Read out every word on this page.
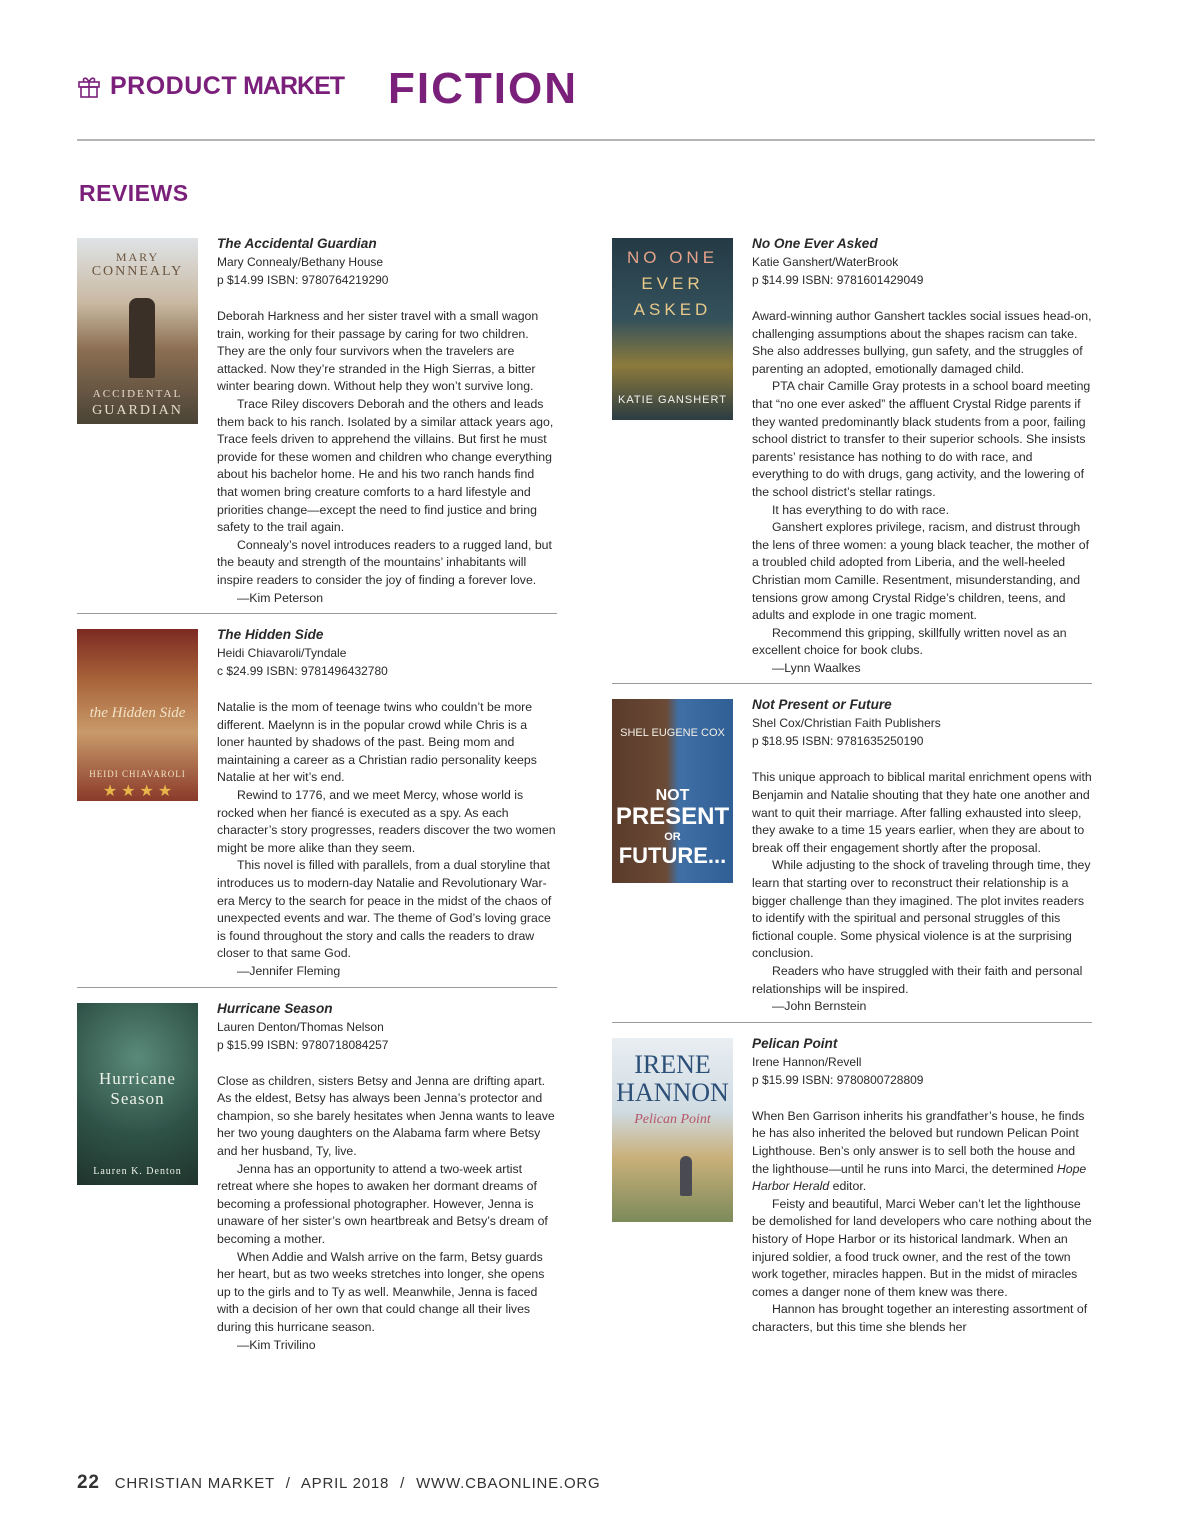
PRODUCT MARKET FICTION
REVIEWS
MARY
CONNEALY
ACCIDENTAL
GUARDIAN

The Accidental Guardian

Mary Connealy/Bethany House

p $14.99 ISBN: 9780764219290

Deborah Harkness and her sister travel with a small wagon train, working for their passage by caring for two children. They are the only four survivors when the travelers are attacked. Now they’re stranded in the High Sierras, a bitter winter bearing down. Without help they won’t survive long.

Trace Riley discovers Deborah and the others and leads them back to his ranch. Isolated by a similar attack years ago, Trace feels driven to apprehend the villains. But first he must provide for these women and children who change everything about his bachelor home. He and his two ranch hands find that women bring creature comforts to a hard lifestyle and priorities change—except the need to find justice and bring safety to the trail again.

Connealy’s novel introduces readers to a rugged land, but the beauty and strength of the mountains’ inhabitants will inspire readers to consider the joy of finding a forever love.

—Kim Peterson

the Hidden Side
HEIDI CHIAVAROLI
★ ★ ★ ★

The Hidden Side

Heidi Chiavaroli/Tyndale

c $24.99 ISBN: 9781496432780

Natalie is the mom of teenage twins who couldn’t be more different. Maelynn is in the popular crowd while Chris is a loner haunted by shadows of the past. Being mom and maintaining a career as a Christian radio personality keeps Natalie at her wit’s end.

Rewind to 1776, and we meet Mercy, whose world is rocked when her fiancé is executed as a spy. As each character’s story progresses, readers discover the two women might be more alike than they seem.

This novel is filled with parallels, from a dual storyline that introduces us to modern-day Natalie and Revolutionary War-era Mercy to the search for peace in the midst of the chaos of unexpected events and war. The theme of God’s loving grace is found throughout the story and calls the readers to draw closer to that same God.

—Jennifer Fleming

Hurricane
Season
Lauren K. Denton

Hurricane Season

Lauren Denton/Thomas Nelson

p $15.99 ISBN: 9780718084257

Close as children, sisters Betsy and Jenna are drifting apart. As the eldest, Betsy has always been Jenna’s protector and champion, so she barely hesitates when Jenna wants to leave her two young daughters on the Alabama farm where Betsy and her husband, Ty, live.

Jenna has an opportunity to attend a two-week artist retreat where she hopes to awaken her dormant dreams of becoming a professional photographer. However, Jenna is unaware of her sister’s own heartbreak and Betsy’s dream of becoming a mother.

When Addie and Walsh arrive on the farm, Betsy guards her heart, but as two weeks stretches into longer, she opens up to the girls and to Ty as well. Meanwhile, Jenna is faced with a decision of her own that could change all their lives during this hurricane season.

—Kim Trivilino

NO ONE
EVER
ASKED
KATIE GANSHERT

No One Ever Asked

Katie Ganshert/WaterBrook

p $14.99 ISBN: 9781601429049

Award-winning author Ganshert tackles social issues head-on, challenging assumptions about the shapes racism can take. She also addresses bullying, gun safety, and the struggles of parenting an adopted, emotionally damaged child.

PTA chair Camille Gray protests in a school board meeting that “no one ever asked” the affluent Crystal Ridge parents if they wanted predominantly black students from a poor, failing school district to transfer to their superior schools. She insists parents’ resistance has nothing to do with race, and everything to do with drugs, gang activity, and the lowering of the school district’s stellar ratings.

It has everything to do with race.

Ganshert explores privilege, racism, and distrust through the lens of three women: a young black teacher, the mother of a troubled child adopted from Liberia, and the well-heeled Christian mom Camille. Resentment, misunderstanding, and tensions grow among Crystal Ridge’s children, teens, and adults and explode in one tragic moment.

Recommend this gripping, skillfully written novel as an excellent choice for book clubs.

—Lynn Waalkes

SHEL EUGENE COX
NOT
PRESENT
OR
FUTURE...

Not Present or Future

Shel Cox/Christian Faith Publishers

p $18.95 ISBN: 9781635250190

This unique approach to biblical marital enrichment opens with Benjamin and Natalie shouting that they hate one another and want to quit their marriage. After falling exhausted into sleep, they awake to a time 15 years earlier, when they are about to break off their engagement shortly after the proposal.

While adjusting to the shock of traveling through time, they learn that starting over to reconstruct their relationship is a bigger challenge than they imagined. The plot invites readers to identify with the spiritual and personal struggles of this fictional couple. Some physical violence is at the surprising conclusion.

Readers who have struggled with their faith and personal relationships will be inspired.

—John Bernstein

IRENE
HANNON
Pelican Point

Pelican Point

Irene Hannon/Revell

p $15.99 ISBN: 9780800728809

When Ben Garrison inherits his grandfather’s house, he finds he has also inherited the beloved but rundown Pelican Point Lighthouse. Ben’s only answer is to sell both the house and the lighthouse—until he runs into Marci, the determined Hope Harbor Herald editor.

Feisty and beautiful, Marci Weber can’t let the lighthouse be demolished for land developers who care nothing about the history of Hope Harbor or its historical landmark. When an injured soldier, a food truck owner, and the rest of the town work together, miracles happen. But in the midst of miracles comes a danger none of them knew was there.

Hannon has brought together an interesting assortment of characters, but this time she blends her

22 CHRISTIAN MARKET / APRIL 2018 / WWW.CBAONLINE.ORG
